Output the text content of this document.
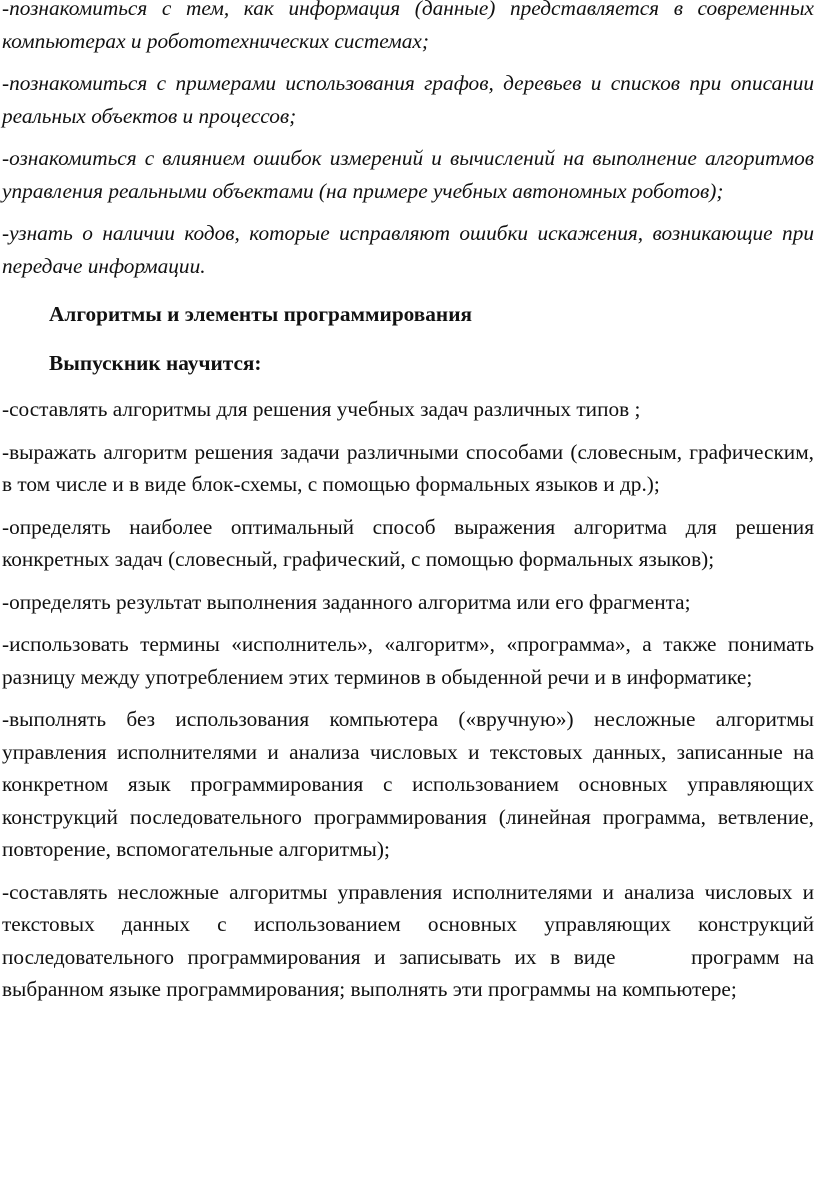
-познакомиться с тем, как информация (данные) представляется в современных компьютерах и робототехнических системах;

-познакомиться с примерами использования графов, деревьев и списков при описании реальных объектов и процессов;

-ознакомиться с влиянием ошибок измерений и вычислений на выполнение алгоритмов управления реальными объектами (на примере учебных автономных роботов);

-узнать о наличии кодов, которые исправляют ошибки искажения, возникающие при передаче информации.

Алгоритмы и элементы программирования

Выпускник научится:

-составлять алгоритмы для решения учебных задач различных типов ;

-выражать алгоритм решения задачи различными способами (словесным, графическим, в том числе и в виде блок-схемы, с помощью формальных языков и др.);

-определять наиболее оптимальный способ выражения алгоритма для решения конкретных задач (словесный, графический, с помощью формальных языков);

-определять результат выполнения заданного алгоритма или его фрагмента;

-использовать термины «исполнитель», «алгоритм», «программа», а также понимать разницу между употреблением этих терминов в обыденной речи и в информатике;

-выполнять без использования компьютера («вручную») несложные алгоритмы управления исполнителями и анализа числовых и текстовых данных, записанные на конкретном язык программирования с использованием основных управляющих конструкций последовательного программирования (линейная программа, ветвление, повторение, вспомогательные алгоритмы);

-составлять несложные алгоритмы управления исполнителями и анализа числовых и текстовых данных с использованием основных управляющих конструкций последовательного программирования и записывать их в виде	программ на выбранном языке программирования; выполнять эти программы на компьютере;
